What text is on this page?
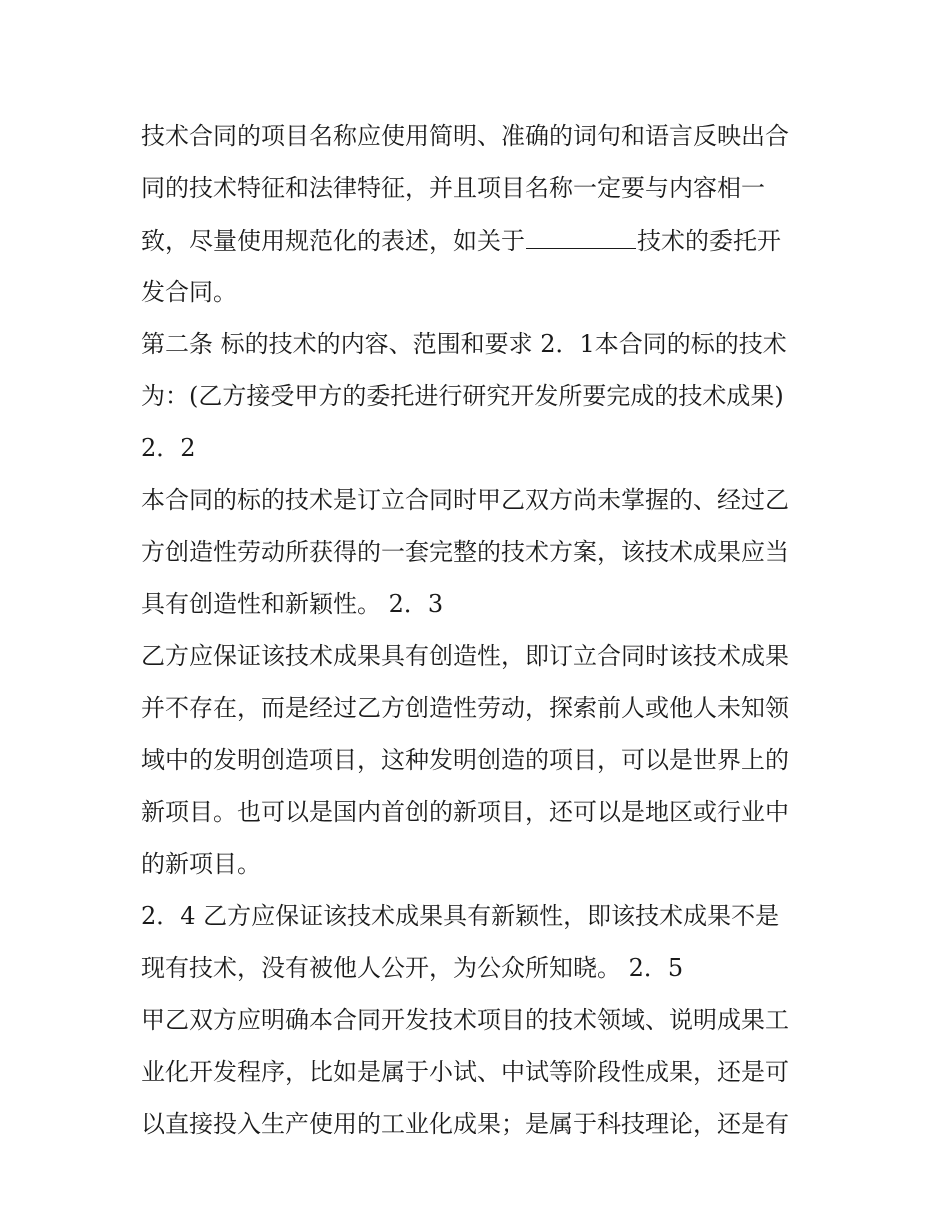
技术合同的项目名称应使用简明、准确的词句和语言反映出合
同的技术特征和法律特征，并且项目名称一定要与内容相一
致，尽量使用规范化的表述，如关于	技术的委托开
发合同。
第二条 标的技术的内容、范围和要求 2．1本合同的标的技术
为：(乙方接受甲方的委托进行研究开发所要完成的技术成果)
2．2
本合同的标的技术是订立合同时甲乙双方尚未掌握的、经过乙
方创造性劳动所获得的一套完整的技术方案，该技术成果应当
具有创造性和新颖性。 2．3
乙方应保证该技术成果具有创造性，即订立合同时该技术成果
并不存在，而是经过乙方创造性劳动，探索前人或他人未知领
域中的发明创造项目，这种发明创造的项目，可以是世界上的
新项目。也可以是国内首创的新项目，还可以是地区或行业中
的新项目。
2．4 乙方应保证该技术成果具有新颖性，即该技术成果不是
现有技术，没有被他人公开，为公众所知晓。 2．5
甲乙双方应明确本合同开发技术项目的技术领域、说明成果工
业化开发程序，比如是属于小试、中试等阶段性成果，还是可
以直接投入生产使用的工业化成果；是属于科技理论，还是有
